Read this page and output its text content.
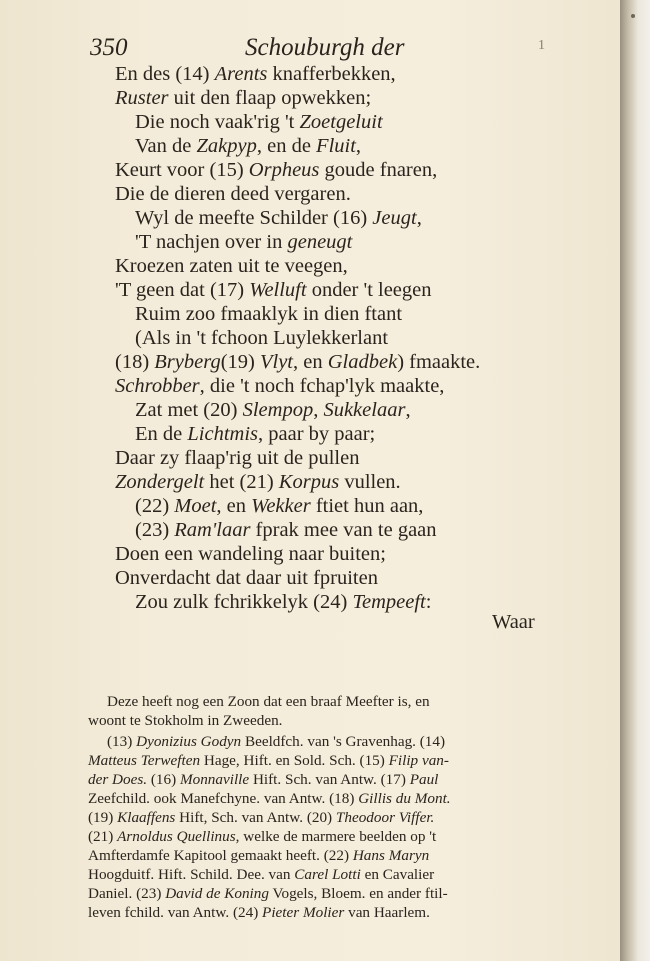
350	Schouburgh der	1
En des (14) Arents knafferbekken,
Ruster uit den flaap opwekken;
Die noch vaak'rig 't Zoetgeluit
Van de Zakpyp, en de Fluit,
Keurt voor (15) Orpheus goude fnaren,
Die de dieren deed vergaren.
Wyl de meefte Schilder (16) Jeugt,
'T nachjen over in geneugt
Kroezen zaten uit te veegen,
'T geen dat (17) Welluft onder 't leegen
Ruim zoo fmaaklyk in dien ftant
(Als in 't fchoon Luylekkerlant
(18) Bryberg(19) Vlyt, en Gladbek) fmaakte.
Schrobber, die 't noch fchap'lyk maakte,
Zat met (20) Slempop, Sukkelaar,
En de Lichtmis, paar by paar;
Daar zy flaap'rig uit de pullen
Zondergelt het (21) Korpus vullen.
(22) Moet, en Wekker ftiet hun aan,
(23) Ram'laar fprak mee van te gaan
Doen een wandeling naar buiten;
Onverdacht dat daar uit fpruiten
Zou zulk fchrikkelyk (24) Tempeeft:
Waar
Deze heeft nog een Zoon dat een braaf Meefter is, en
woont te Stokholm in Zweeden.
(13) Dyonizius Godyn Beeldfch. van 's Gravenhag. (14)
Matteus Terweften Hage, Hift. en Sold. Sch. (15) Filip van-
der Does. (16) Monnaville Hift. Sch. van Antw. (17) Paul
Zeefchild. ook Manefchyne. van Antw. (18) Gillis du Mont.
(19) Klaaffens Hift, Sch. van Antw. (20) Theodoor Viffer.
(21) Arnoldus Quellinus, welke de marmere beelden op 't
Amfterdamfe Kapitool gemaakt heeft. (22) Hans Maryn
Hoogduitf. Hift. Schild. Dee. van Carel Lotti en Cavalier
Daniel. (23) David de Koning Vogels, Bloem. en ander ftil-
leven fchild. van Antw. (24) Pieter Molier van Haarlem.
